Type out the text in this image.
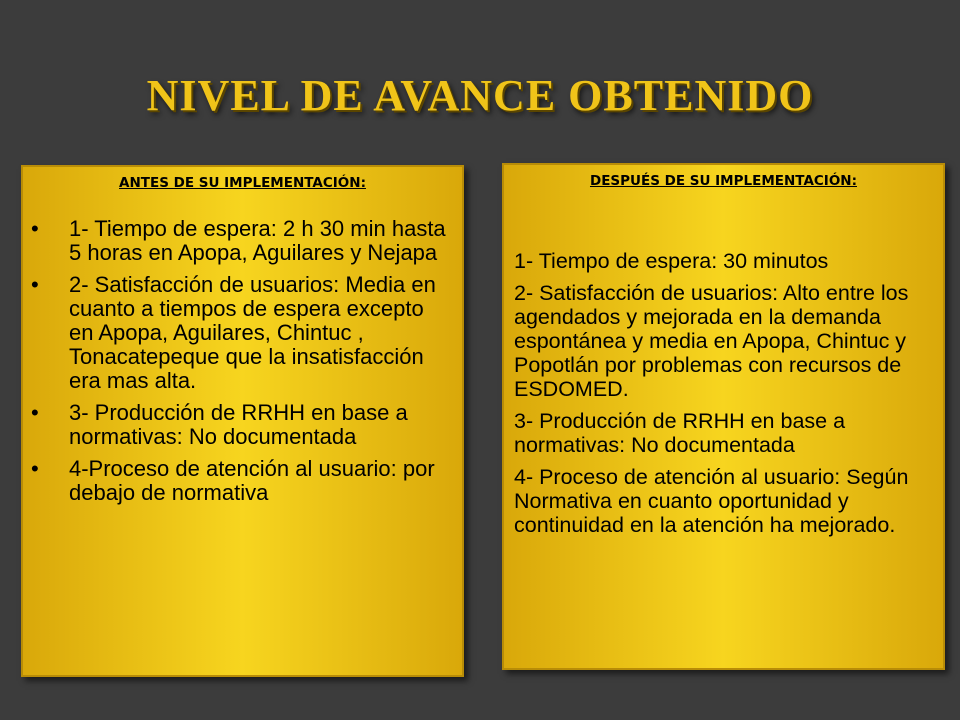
NIVEL DE AVANCE OBTENIDO
ANTES DE SU IMPLEMENTACIÓN:
• 1- Tiempo de espera: 2 h 30 min hasta 5 horas en Apopa, Aguilares y Nejapa
• 2- Satisfacción de usuarios: Media en cuanto a tiempos de espera excepto en Apopa, Aguilares, Chintuc , Tonacatepeque que la insatisfacción era mas alta.
• 3- Producción de RRHH en base a normativas: No documentada
• 4-Proceso de atención al usuario: por debajo de normativa
DESPUÉS DE SU IMPLEMENTACIÓN:

1- Tiempo de espera: 30 minutos

2- Satisfacción de usuarios: Alto entre los agendados y mejorada en la demanda espontánea y media en Apopa, Chintuc y Popotlán por problemas con recursos de ESDOMED.

3- Producción de RRHH en base a normativas: No documentada

4- Proceso de atención al usuario: Según Normativa en cuanto oportunidad y continuidad en la atención ha mejorado.
